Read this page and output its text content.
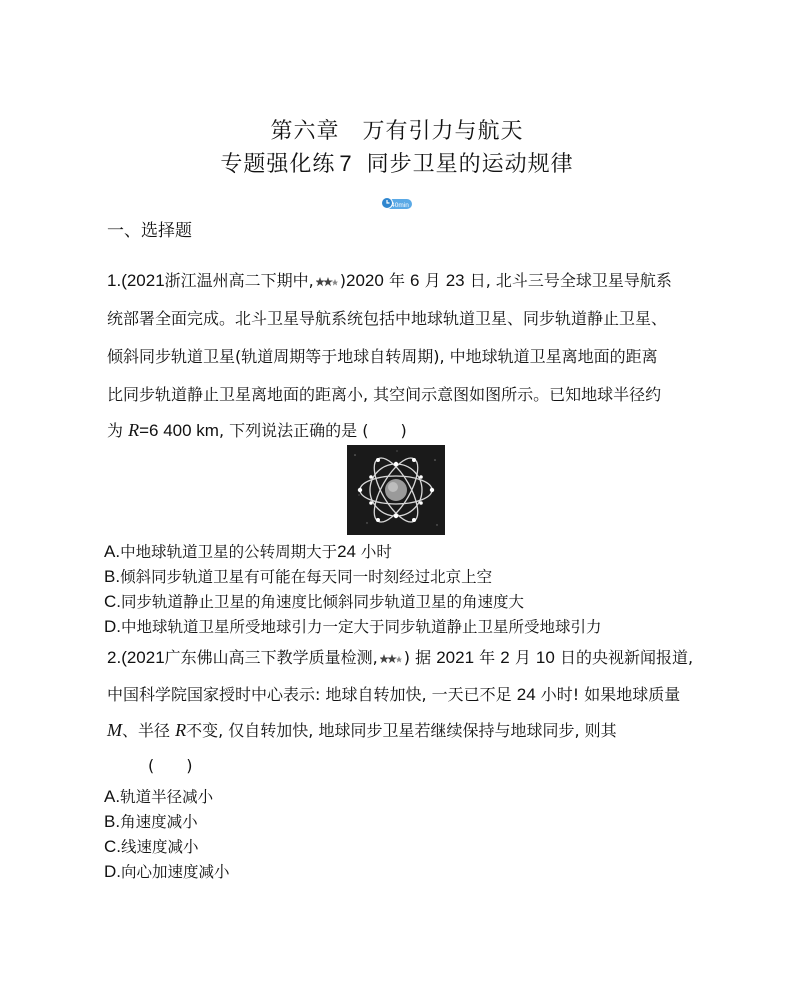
第六章　万有引力与航天
专题强化练 7 同步卫星的运动规律
40min
一、选择题
1.(2021浙江温州高二下期中, )2020 年 6 月 23 日, 北斗三号全球卫星导航系
统部署全面完成。北斗卫星导航系统包括中地球轨道卫星、同步轨道静止卫星、
倾斜同步轨道卫星(轨道周期等于地球自转周期), 中地球轨道卫星离地面的距离
比同步轨道静止卫星离地面的距离小, 其空间示意图如图所示。已知地球半径约
为 R=6 400 km, 下列说法正确的是 (　　)
A.中地球轨道卫星的公转周期大于24 小时
B.倾斜同步轨道卫星有可能在每天同一时刻经过北京上空
C.同步轨道静止卫星的角速度比倾斜同步轨道卫星的角速度大
D.中地球轨道卫星所受地球引力一定大于同步轨道静止卫星所受地球引力
2.(2021广东佛山高三下教学质量检测, ) 据 2021 年 2 月 10 日的央视新闻报道,
中国科学院国家授时中心表示: 地球自转加快, 一天已不足 24 小时! 如果地球质量
M、半径 R不变, 仅自转加快, 地球同步卫星若继续保持与地球同步, 则其
(　　)
A.轨道半径减小
B.角速度减小
C.线速度减小
D.向心加速度减小
